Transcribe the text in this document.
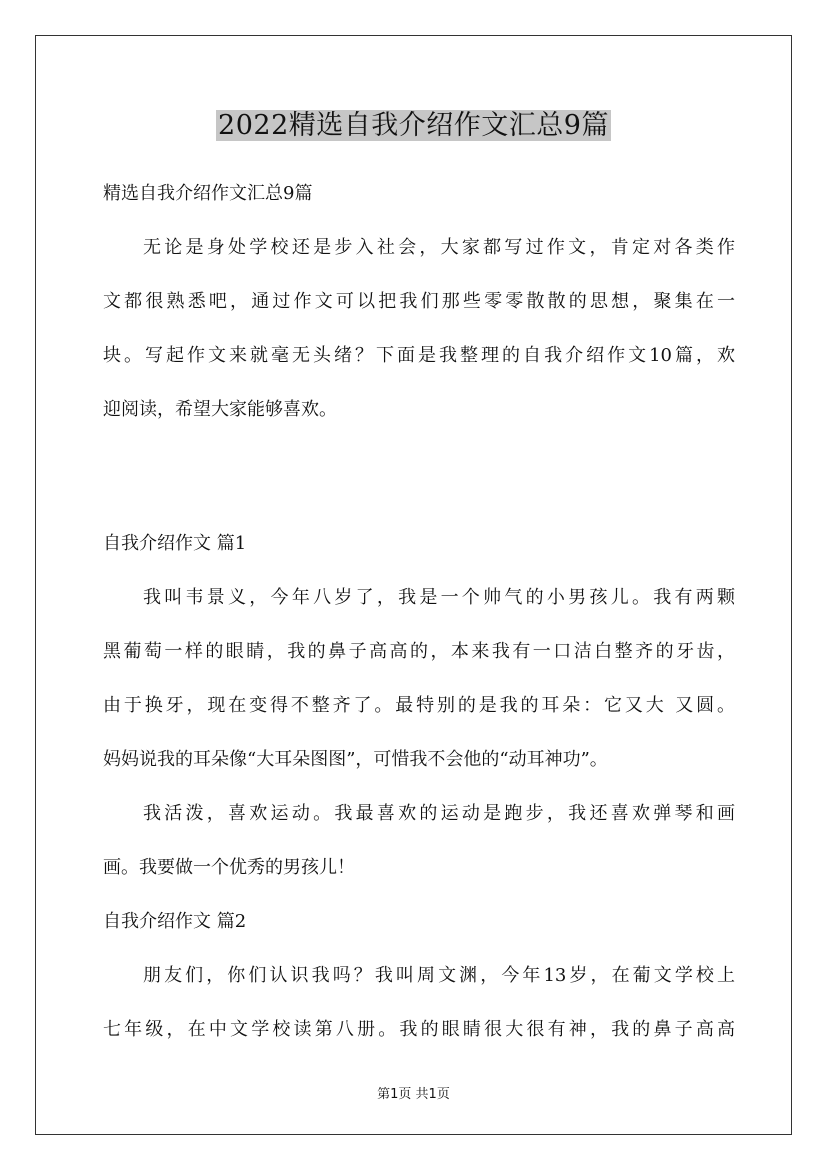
2022精选自我介绍作文汇总9篇
精选自我介绍作文汇总9篇
无论是身处学校还是步入社会，大家都写过作文，肯定对各类作
文都很熟悉吧，通过作文可以把我们那些零零散散的思想，聚集在一
块。写起作文来就毫无头绪？下面是我整理的自我介绍作文10篇，欢
迎阅读，希望大家能够喜欢。
自我介绍作文 篇1
我叫韦景义，今年八岁了，我是一个帅气的小男孩儿。我有两颗
黑葡萄一样的眼睛，我的鼻子高高的，本来我有一口洁白整齐的牙齿，
由于换牙，现在变得不整齐了。最特别的是我的耳朵：它又大 又圆。
妈妈说我的耳朵像“大耳朵图图”，可惜我不会他的“动耳神功”。
我活泼，喜欢运动。我最喜欢的运动是跑步，我还喜欢弹琴和画
画。我要做一个优秀的男孩儿！
自我介绍作文 篇2
朋友们，你们认识我吗？我叫周文渊，今年13岁，在葡文学校上
七年级，在中文学校读第八册。我的眼睛很大很有神，我的鼻子高高
第1页 共1页
